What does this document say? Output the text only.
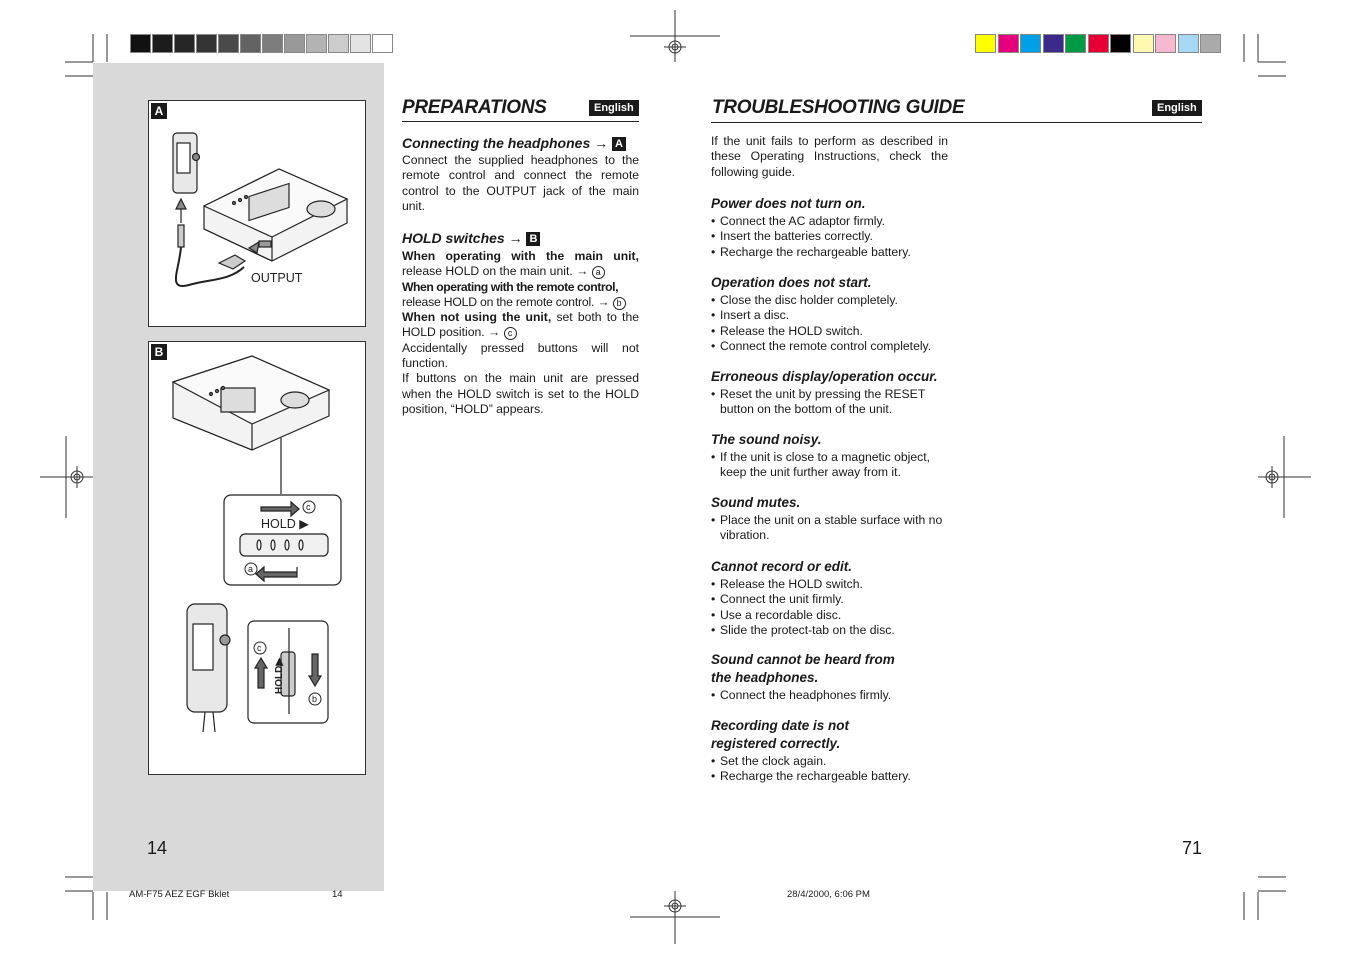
A
OUTPUT
B
HOLD ▶
HOLD▶
c
a
c
b
PREPARATIONS	English
Connecting the headphones → A
Connect the supplied headphones to the remote control and connect the remote control to the OUTPUT jack of the main unit.
HOLD switches → B

When operating with the main unit,

release HOLD on the main unit. → a

When operating with the remote control,

release HOLD on the remote control. → b

When not using the unit, set both to the HOLD position. → c

Accidentally pressed buttons will not function.

If buttons on the main unit are pressed when the HOLD switch is set to the HOLD position, “HOLD” appears.

TROUBLESHOOTING GUIDE	English
If the unit fails to perform as described in these Operating Instructions, check the following guide.
Power does not turn on.
• Connect the AC adaptor firmly.
• Insert the batteries correctly.
• Recharge the rechargeable battery.
Operation does not start.
• Close the disc holder completely.
• Insert a disc.
• Release the HOLD switch.
• Connect the remote control completely.
Erroneous display/operation occur.
• Reset the unit by pressing the RESET button on the bottom of the unit.
The sound noisy.
• If the unit is close to a magnetic object, keep the unit further away from it.
Sound mutes.
• Place the unit on a stable surface with no vibration.
Cannot record or edit.
• Release the HOLD switch.
• Connect the unit firmly.
• Use a recordable disc.
• Slide the protect-tab on the disc.
Sound cannot be heard from the headphones.
• Connect the headphones firmly.
Recording date is not registered correctly.
• Set the clock again.
• Recharge the rechargeable battery.
14	71
AM-F75 AEZ EGF Bklet	14	28/4/2000, 6:06 PM
